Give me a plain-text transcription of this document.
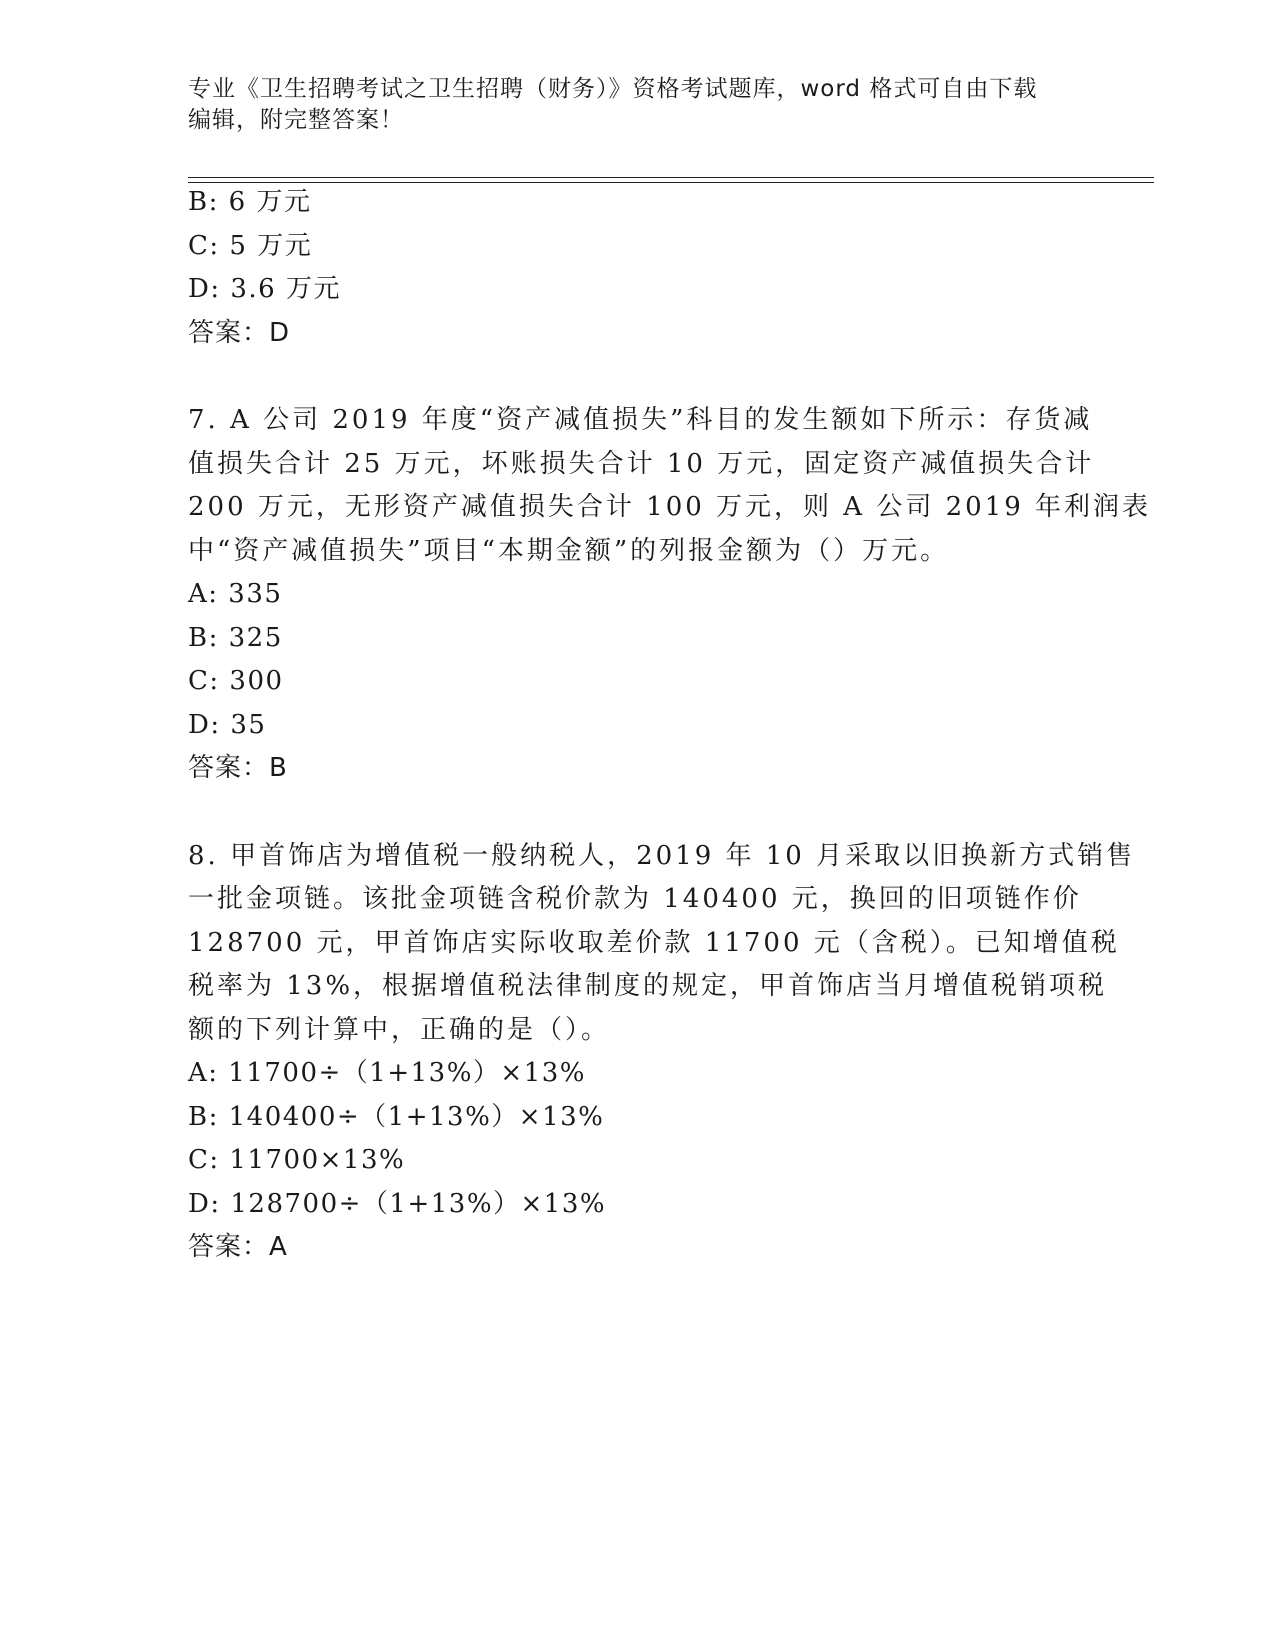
专业《卫生招聘考试之卫生招聘（财务）》资格考试题库，word 格式可自由下载
编辑，附完整答案！
B: 6 万元
C: 5 万元
D: 3.6 万元
答案：D
7. A 公司 2019 年度“资产减值损失”科目的发生额如下所示：存货减
值损失合计 25 万元，坏账损失合计 10 万元，固定资产减值损失合计
200 万元，无形资产减值损失合计 100 万元，则 A 公司 2019 年利润表
中“资产减值损失”项目“本期金额”的列报金额为（）万元。
A: 335
B: 325
C: 300
D: 35
答案：B
8. 甲首饰店为增值税一般纳税人，2019 年 10 月采取以旧换新方式销售
一批金项链。该批金项链含税价款为 140400 元，换回的旧项链作价
128700 元，甲首饰店实际收取差价款 11700 元（含税）。已知增值税
税率为 13%，根据增值税法律制度的规定，甲首饰店当月增值税销项税
额的下列计算中，正确的是（）。
A: 11700÷（1+13%）×13%
B: 140400÷（1+13%）×13%
C: 11700×13%
D: 128700÷（1+13%）×13%
答案：A
